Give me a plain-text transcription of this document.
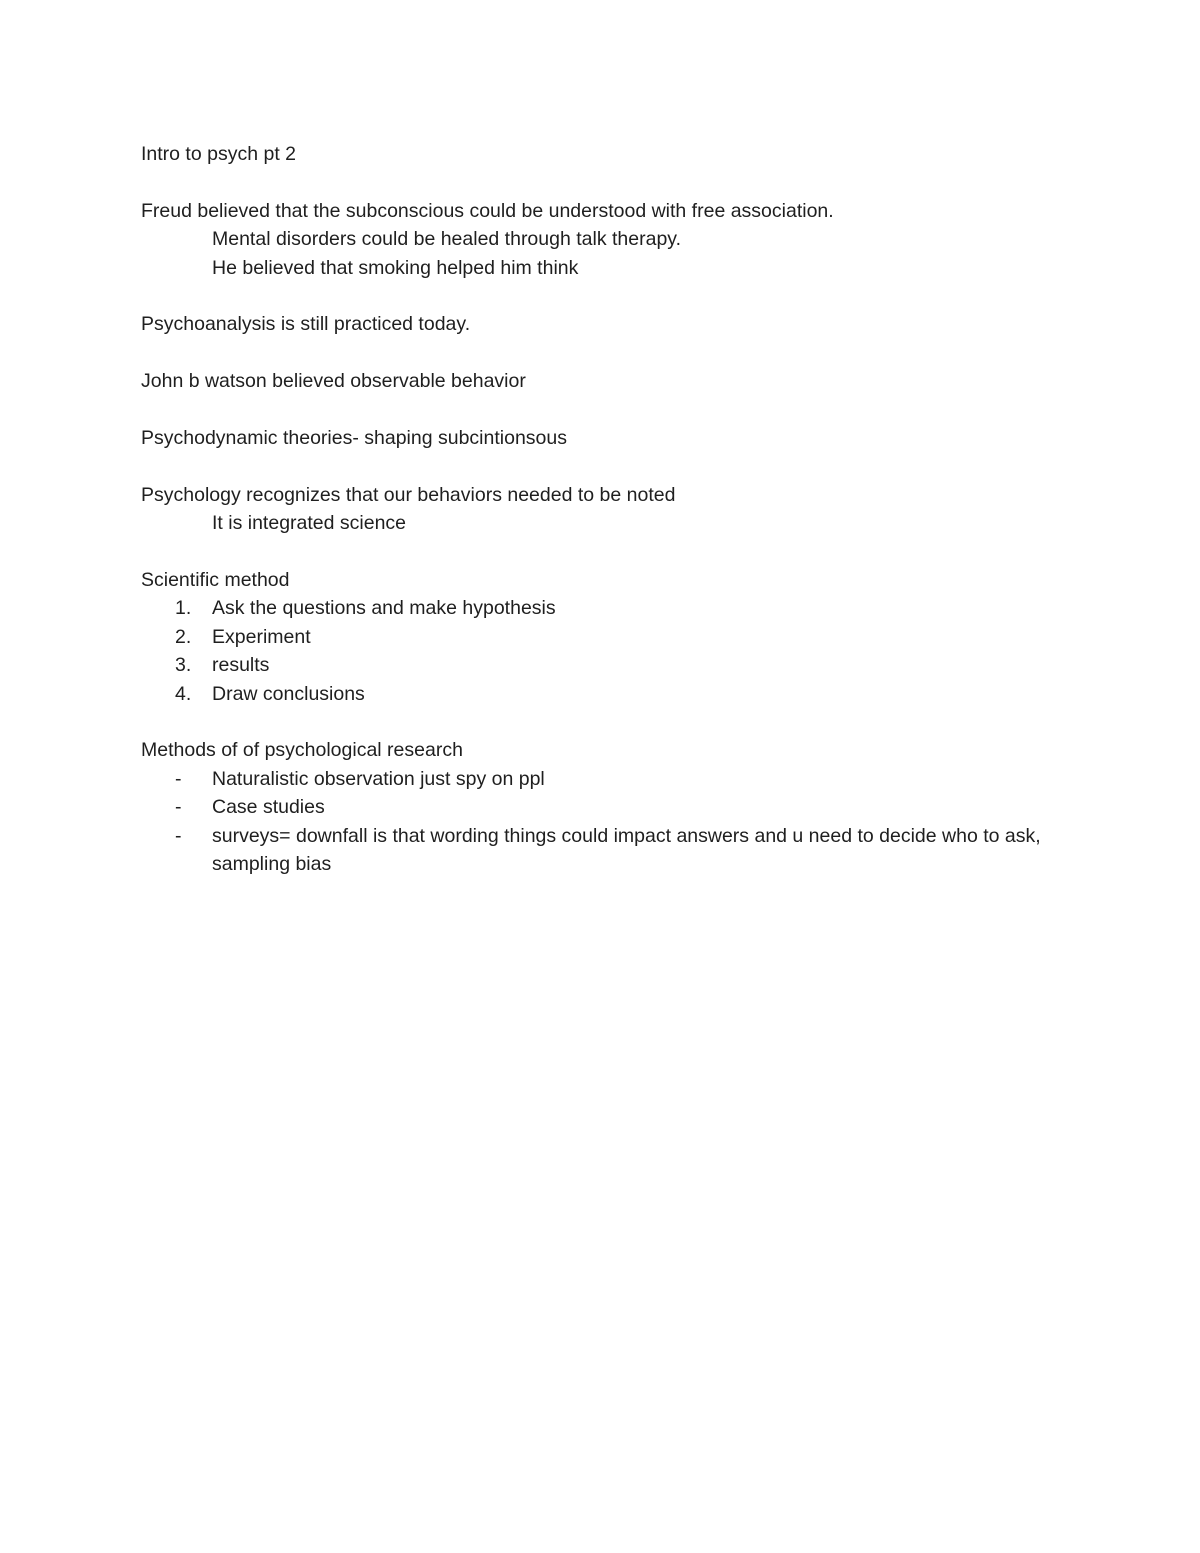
Intro to psych pt 2

Freud believed that the subconscious could be understood with free association.

Mental disorders could be healed through talk therapy.

He believed that smoking helped him think

Psychoanalysis is still practiced today.

John b watson believed observable behavior

Psychodynamic theories- shaping subcintionsous

Psychology recognizes that our behaviors needed to be noted

It is integrated science

Scientific method

1.	Ask the questions and make hypothesis
2.	Experiment
3.	results
4.	Draw conclusions

Methods of of psychological research

-	Naturalistic observation just spy on ppl
-	Case studies
-	surveys= downfall is that wording things could impact answers and u need to decide who to ask, sampling bias
